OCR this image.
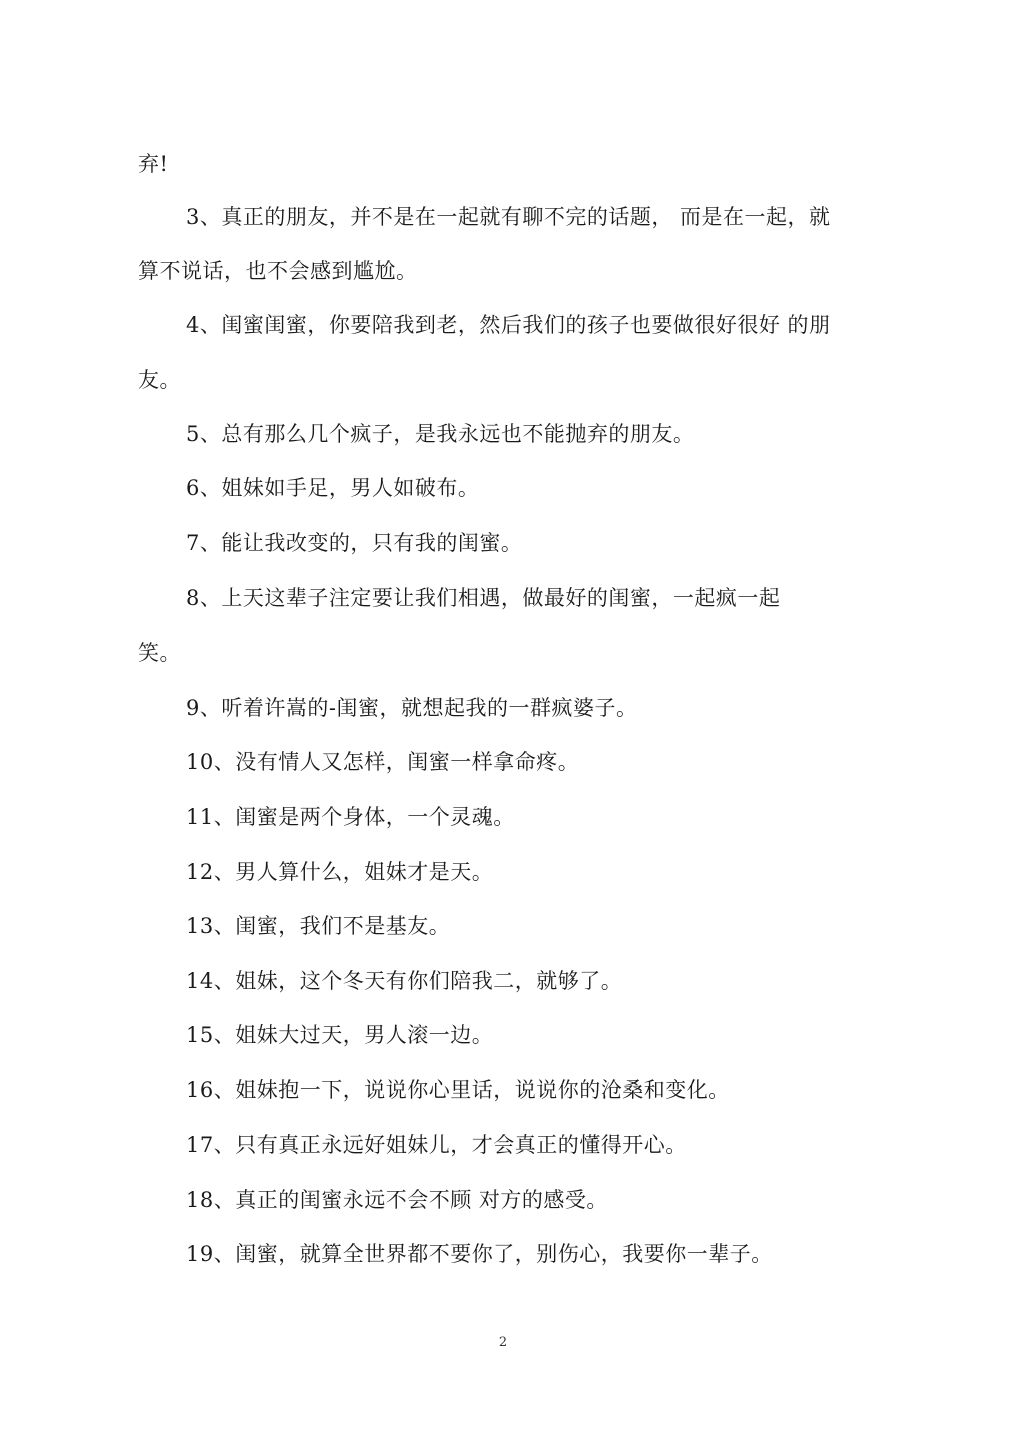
弃!
3、真正的朋友，并不是在一起就有聊不完的话题， 而是在一起，就
算不说话，也不会感到尴尬。
4、闺蜜闺蜜，你要陪我到老，然后我们的孩子也要做很好很好 的朋
友。
5、总有那么几个疯子，是我永远也不能抛弃的朋友。
6、姐妹如手足，男人如破布。
7、能让我改变的，只有我的闺蜜。
8、上天这辈子注定要让我们相遇，做最好的闺蜜，一起疯一起
笑。
9、听着许嵩的-闺蜜，就想起我的一群疯婆子。
10、没有情人又怎样，闺蜜一样拿命疼。
11、闺蜜是两个身体，一个灵魂。
12、男人算什么，姐妹才是天。
13、闺蜜，我们不是基友。
14、姐妹，这个冬天有你们陪我二，就够了。
15、姐妹大过天，男人滚一边。
16、姐妹抱一下，说说你心里话，说说你的沧桑和变化。
17、只有真正永远好姐妹儿，才会真正的懂得开心。
18、真正的闺蜜永远不会不顾 对方的感受。
19、闺蜜，就算全世界都不要你了，别伤心，我要你一辈子。
2
